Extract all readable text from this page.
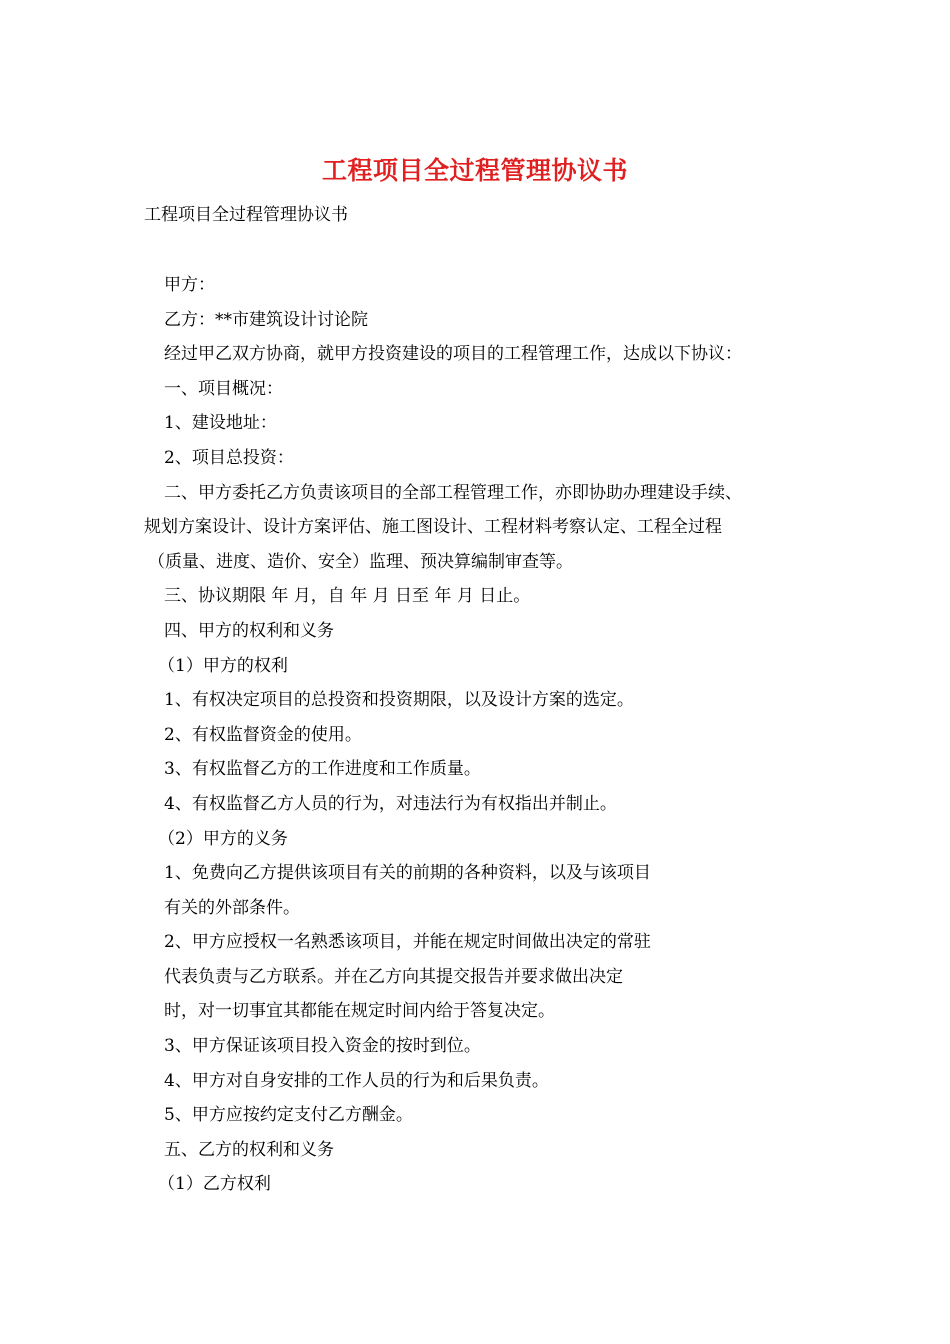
工程项目全过程管理协议书
工程项目全过程管理协议书
甲方：
乙方：**市建筑设计讨论院
经过甲乙双方协商，就甲方投资建设的项目的工程管理工作，达成以下协议：
一、项目概况：
1、建设地址：
2、项目总投资：
二、甲方委托乙方负责该项目的全部工程管理工作，亦即协助办理建设手续、
规划方案设计、设计方案评估、施工图设计、工程材料考察认定、工程全过程
（质量、进度、造价、安全）监理、预决算编制审查等。
三、协议期限 年 月，自 年 月 日至 年 月 日止。
四、甲方的权利和义务
（1）甲方的权利
1、有权决定项目的总投资和投资期限，以及设计方案的选定。
2、有权监督资金的使用。
3、有权监督乙方的工作进度和工作质量。
4、有权监督乙方人员的行为，对违法行为有权指出并制止。
（2）甲方的义务
1、免费向乙方提供该项目有关的前期的各种资料，以及与该项目
有关的外部条件。
2、甲方应授权一名熟悉该项目，并能在规定时间做出决定的常驻
代表负责与乙方联系。并在乙方向其提交报告并要求做出决定
时，对一切事宜其都能在规定时间内给于答复决定。
3、甲方保证该项目投入资金的按时到位。
4、甲方对自身安排的工作人员的行为和后果负责。
5、甲方应按约定支付乙方酬金。
五、乙方的权利和义务
（1）乙方权利
